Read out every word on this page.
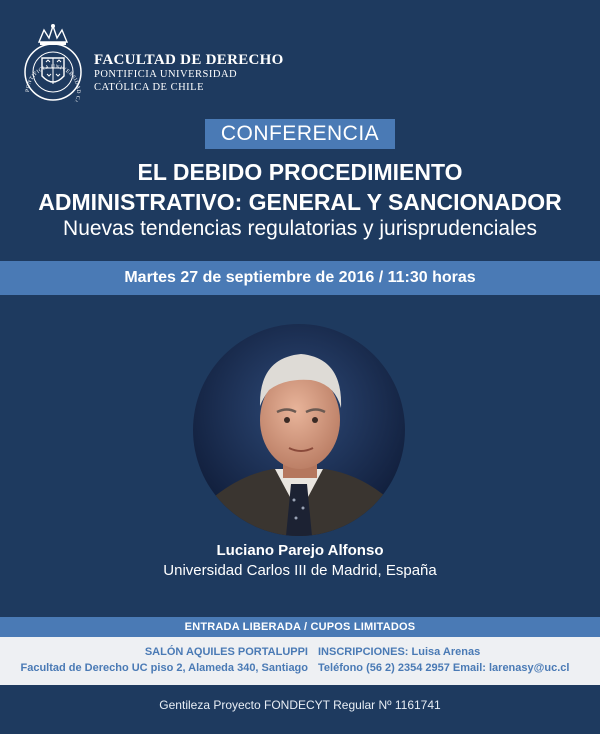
PONTIFICIA UNIVERSIDAD CA
FACULTAD DE DERECHO
PONTIFICIA UNIVERSIDAD
CATÓLICA DE CHILE
CONFERENCIA
EL DEBIDO PROCEDIMIENTO
ADMINISTRATIVO: GENERAL Y SANCIONADOR
Nuevas tendencias regulatorias y jurisprudenciales
Martes 27 de septiembre de 2016 / 11:30 horas
Luciano Parejo Alfonso
Universidad Carlos III de Madrid, España
ENTRADA LIBERADA / CUPOS LIMITADOS
SALÓN AQUILES PORTALUPPI
Facultad de Derecho UC piso 2, Alameda 340, Santiago
INSCRIPCIONES: Luisa Arenas
Teléfono (56 2) 2354 2957 Email: larenasy@uc.cl
Gentileza Proyecto FONDECYT Regular Nº 1161741
